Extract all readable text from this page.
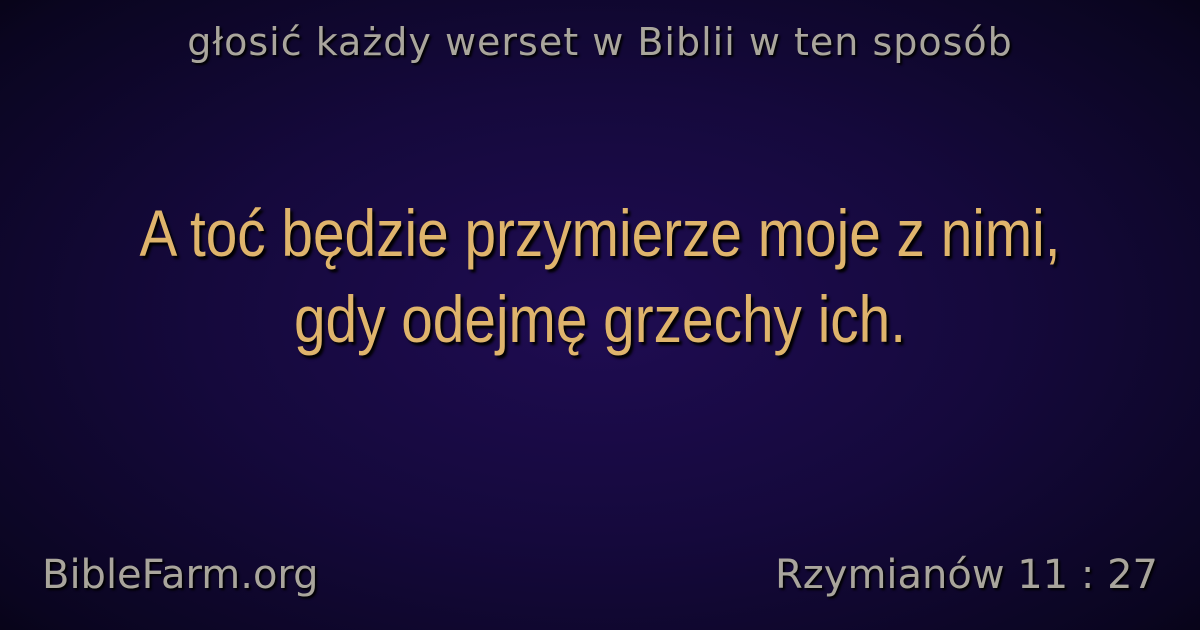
głosić każdy werset w Biblii w ten sposób
A toć będzie przymierze moje z nimi, gdy odejmę grzechy ich.
BibleFarm.org	Rzymianów 11 : 27
